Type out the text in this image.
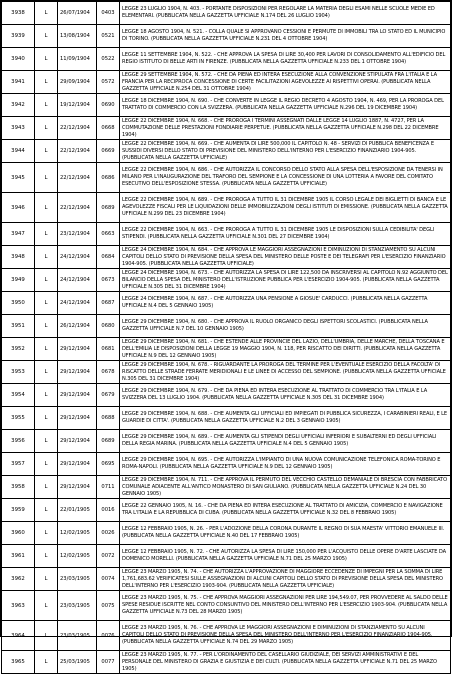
3938	L	26/07/1904	0403	LEGGE 23 LUGLIO 1904, N. 403. - PORTANTE DISPOSIZIONI PER REGOLARE LA MATERIA DEGLI ESAMI NELLE SCUOLE MEDIE ED ELEMENTARI. (PUBBLICATA NELLA GAZZETTA UFFICIALE N.174 DEL 26 LUGLIO 1904)
3939	L	13/08/1904	0521	LEGGE 18 AGOSTO 1904, N. 521. - COLLA QUALE SI APPROVANO CESSIONI E PERMUTE DI IMMOBILI TRA LO STATO ED IL MUNICIPIO DI TORINO. (PUBBLICATA NELLA GAZZETTA UFFICIALE N.231 DEL 4 OTTOBRE 1904)
3940	L	11/09/1904	0522	LEGGE 11 SETTEMBRE 1904, N. 522. - CHE APPROVA LA SPESA DI LIRE 30,400 PER LAVORI DI CONSOLIDAMENTO ALL'EDIFICIO DEL REGIO ISTITUTO DI BELLE ARTI IN FIRENZE. (PUBBLICATA NELLA GAZZETTA UFFICIALE N.233 DEL 1 OTTOBRE 1904)
3941	L	29/09/1904	0572	LEGGE 29 SETTEMBRE 1904, N. 572. - CHE DA PIENA ED INTERA ESECUZIONE ALLA CONVENZIONE STIPULATA FRA L'ITALIA E LA FRANCIA PER LA RECIPROCA CONCESSIONE DI CERTE FACILITAZIONI AGEVOLEZZE AI RISPETTIVI OPERAI. (PUBBLICATA NELLA GAZZETTA UFFICIALE N.254 DEL 31 OTTOBRE 1904)
3942	L	19/12/1904	0690	LEGGE 18 DICEMBRE 1904, N. 690. - CHE CONVERTE IN LEGGE IL REGIO DECRETO 4 AGOSTO 1904, N. 469, PER LA PROROGA DEL TRATTATO DI COMMERCIO CON LA SVIZZERA. (PUBBLICATA NELLA GAZZETTA UFFICIALE N.296 DEL 19 DICEMBRE 1904)
3943	L	22/12/1904	0668	LEGGE 22 DICEMBRE 1904, N. 668. - CHE PROROGA I TERMINI ASSEGNATI DALLE LEGGE 14 LUGLIO 1887, N. 4727, PER LA COMMUTAZIONE DELLE PRESTAZIONI FONDIARIE PERPETUE. (PUBBLICATA NELLA GAZZETTA UFFICIALE N.298 DEL 22 DICEMBRE 1904)
3944	L	22/12/1904	0669	LEGGE 22 DICEMBRE 1904, N. 669. - CHE AUMENTA DI LIRE 500,000 IL CAPITOLO N. 48 - SERVIZI DI PUBBLICA BENEFICENZA E SUSSIDI DIVERSI DELLO STATO DI PREVISIONE DEL MINISTERO DELL'INTERNO PER L'ESERCIZIO FINANZIARIO 1904-905. (PUBBLICATA NELLA GAZZETTA UFFICIALE)
3945	L	22/12/1904	0686	LEGGE 22 DICEMBRE 1904, N. 686. - CHE AUTORIZZA IL CONCORSO DELLO STATO ALLA SPESA DELL'ESPOSIZIONE DA TENERSI IN MILANO PER L'INAUGURAZIONE DEL TRAFORO DEL SEMPIONE E LA CONCESSIONE DI UNA LOTTERIA A FAVORE DEL COMITATO ESECUTIVO DELL'ESPOSIZIONE STESSA. (PUBBLICATA NELLA GAZZETTA UFFICIALE)
3946	L	22/12/1904	0689	LEGGE 22 DICEMBRE 1904, N. 689. - CHE PROROGA A TUTTO IL 31 DICEMBRE 1905 IL CORSO LEGALE DEI BIGLIETTI DI BANCA E LE AGEVOLEZZE FISCALI PER LE LIQUIDAZIONI DELLE IMMOBILIZZAZIONI DEGLI ISTITUTI DI EMISSIONE. (PUBBLICATA NELLA GAZZETTA UFFICIALE N.299 DEL 23 DICEMBRE 1904)
3947	L	23/12/1904	0663	LEGGE 22 DICEMBRE 1904, N. 663. - CHE PROROGA A TUTTO IL 31 DICEMBRE 1905 LE DISPOSIZIONI SULLA CEDIBILITA' DEGLI STIPENDI. (PUBBLICATA NELLA GAZZETTA UFFICIALE N.301 DEL 27 DICEMBRE 1904)
3948	L	24/12/1904	0684	LEGGE 24 DICEMBRE 1904, N. 684. - CHE APPROVA LE MAGGIORI ASSEGNAZIONI E DIMINUZIONI DI STANZIAMENTO SU ALCUNI CAPITOLI DELLO STATO DI PREVISIONE DELLA SPESA DEL MINISTERO DELLE POSTE E DEI TELEGRAFI PER L'ESERCIZIO FINANZIARIO 1904-905. (PUBBLICATA NELLA GAZZETTA UFFICIALE)
3949	L	24/12/1904	0673	LEGGE 24 DICEMBRE 1904, N. 673. - CHE AUTORIZZA LA SPESA DI LIRE 122,500 DA INSCRIVERSI AL CAPITOLO N.92 AGGIUNTO DEL BILANCIO DELLA SPESA DEL MINISTERO DELL'ISTRUZIONE PUBBLICA PER L'ESERCIZIO 1904-905. (PUBBLICATA NELLA GAZZETTA UFFICIALE N.305 DEL 31 DICEMBRE 1904)
3950	L	24/12/1904	0687	LEGGE 24 DICEMBRE 1904, N. 687. - CHE AUTORIZZA UNA PENSIONE A GIOSUE' CARDUCCI. (PUBBLICATA NELLA GAZZETTA UFFICIALE N.4 DEL 5 GENNAIO 1905)
3951	L	26/12/1904	0680	LEGGE 29 DICEMBRE 1904, N. 680. - CHE APPROVA IL RUOLO ORGANICO DEGLI ISPETTORI SCOLASTICI. (PUBBLICATA NELLA GAZZETTA UFFICIALE N.7 DEL 10 GENNAIO 1905)
3952	L	29/12/1904	0681	LEGGE 29 DICEMBRE 1904, N. 681. - CHE ESTENDE ALLE PROVINCIE DEL LAZIO, DELL'UMBRIA, DELLE MARCHE, DELLA TOSCANA E DELL'EMILIA LE DISPOSIZIONI DELLA LEGGE 19 MAGGIO 1904, N. 118, PER RISCATTO DEI DIRITTI. (PUBBLICATA NELLA GAZZETTA UFFICIALE N.9 DEL 12 GENNAIO 1905)
3953	L	29/12/1904	0678	LEGGE 29 DICEMBRE 1904, N. 678. - RIGUARDANTE LA PROROGA DEL TERMINE PER L'EVENTUALE ESERCIZIO DELLA FACOLTA' DI RISCATTO DELLE STRADE FERRATE MERIDIONALI E LE LINEE DI ACCESSO DEL SEMPIONE. (PUBBLICATA NELLA GAZZETTA UFFICIALE N.305 DEL 31 DICEMBRE 1904)
3954	L	29/12/1904	0679	LEGGE 29 DICEMBRE 1904, N. 679. - CHE DA PIENA ED INTERA ESECUZIONE AL TRATTATO DI COMMERCIO TRA L'ITALIA E LA SVIZZERA DEL 13 LUGLIO 1904. (PUBBLICATA NELLA GAZZETTA UFFICIALE N.305 DEL 31 DICEMBRE 1904)
3955	L	29/12/1904	0688	LEGGE 29 DICEMBRE 1904, N. 688. - CHE AUMENTA GLI UFFICIALI ED IMPIEGATI DI PUBBLICA SICUREZZA, I CARABINIERI REALI, E LE GUARDIE DI CITTA'. (PUBBLICATA NELLA GAZZETTA UFFICIALE N.2 DEL 3 GENNAIO 1905)
3956	L	29/12/1904	0689	LEGGE 29 DICEMBRE 1904, N. 689. - CHE AUMENTA GLI STIPENDI DEGLI UFFICIALI INFERIORI E SUBALTERNI ED DEGLI UFFICIALI DELLA REGIA MARINA. (PUBBLICATA NELLA GAZZETTA UFFICIALE N.4 DEL 5 GENNAIO 1905)
3957	L	29/12/1904	0695	LEGGE 29 DICEMBRE 1904, N. 695. - CHE AUTORIZZA L'IMPIANTO DI UNA NUOVA COMUNICAZIONE TELEFONICA ROMA-TORINO E ROMA-NAPOLI. (PUBBLICATA NELLA GAZZETTA UFFICIALE N.9 DEL 12 GENNAIO 1905)
3958	L	29/12/1904	0711	LEGGE 29 DICEMBRE 1904, N. 711. - CHE APPROVA IL PERMUTO DEL VECCHIO CASTELLO DEMANIALE DI BRESCIA CON FABBRICATO COMUNALE ADIACENTE ALL'ANTICO MONASTERO DI SAN GIULIANO. (PUBBLICATA NELLA GAZZETTA UFFICIALE N.24 DEL 30 GENNAIO 1905)
3959	L	22/01/1905	0016	LEGGE 22 GENNAIO 1905, N. 16. - CHE DA PIENA ED INTERA ESECUZIONE AL TRATTATO DI AMICIZIA, COMMERCIO E NAVIGAZIONE TRA L'ITALIA E LA REPUBBLICA DI CUBA. (PUBBLICATA NELLA GAZZETTA UFFICIALE N.32 DEL 8 FEBBRAIO 1905)
3960	L	12/02/1905	0026	LEGGE 12 FEBBRAIO 1905, N. 26. - PER L'ADOZIONE DELLA CORONA DURANTE IL REGNO DI SUA MAESTA' VITTORIO EMANUELE III. (PUBBLICATA NELLA GAZZETTA UFFICIALE N.40 DEL 17 FEBBRAIO 1905)
3961	L	12/02/1905	0072	LEGGE 12 FEBBRAIO 1905, N. 72. - CHE AUTORIZZA LA SPESA DI LIRE 150,000 PER L'ACQUISTO DELLE OPERE D'ARTE LASCIATE DA DOMENICO MORELLI. (PUBBLICATA NELLA GAZZETTA UFFICIALE N.71 DEL 25 MARZO 1905)
3962	L	23/03/1905	0074	LEGGE 23 MARZO 1905, N. 74. - CHE AUTORIZZA L'APPROVAZIONE DI MAGGIORE ECCEDENZE DI IMPEGNI PER LA SOMMA DI LIRE 1,761,683.62 VERIFICATESI SULLE ASSEGNAZIONI DI ALCUNI CAPITOLI DELLO STATO DI PREVISIONE DELLA SPESA DEL MINISTERO DELL'INTERNO PER L'ESERCIZIO 1903-904. (PUBBLICATA NELLA GAZZETTA UFFICIALE)
3963	L	23/03/1905	0075	LEGGE 23 MARZO 1905, N. 75. - CHE APPROVA MAGGIORI ASSEGNAZIONI PER LIRE 194,549.07, PER PROVVEDERE AL SALDO DELLE SPESE RESIDUE ISCRITTE NEL CONTO CONSUNTIVO DEL MINISTERO DELL'INTERNO PER L'ESERCIZIO 1903-904. (PUBBLICATA NELLA GAZZETTA UFFICIALE N.73 DEL 28 MARZO 1905)
3964	L	23/03/1905	0076	LEGGE 23 MARZO 1905, N. 76. - CHE APPROVA LE MAGGIORI ASSEGNAZIONI E DIMINUZIONI DI STANZIAMENTO SU ALCUNI CAPITOLI DELLO STATO DI PREVISIONE DELLA SPESA DEL MINISTERO DELL'INTERNO PER L'ESERCIZIO FINANZIARIO 1904-905. (PUBBLICATA NELLA GAZZETTA UFFICIALE N.74 DEL 29 MARZO 1905)
3965	L	25/03/1905	0077	LEGGE 23 MARZO 1905, N. 77. - PER L'ORDINAMENTO DEL CASELLARIO GIUDIZIALE, DEI SERVIZI AMMINISTRATIVI E DEL PERSONALE DEL MINISTERO DI GRAZIA E GIUSTIZIA E DEI CULTI. (PUBBLICATA NELLA GAZZETTA UFFICIALE N.71 DEL 25 MARZO 1905)
